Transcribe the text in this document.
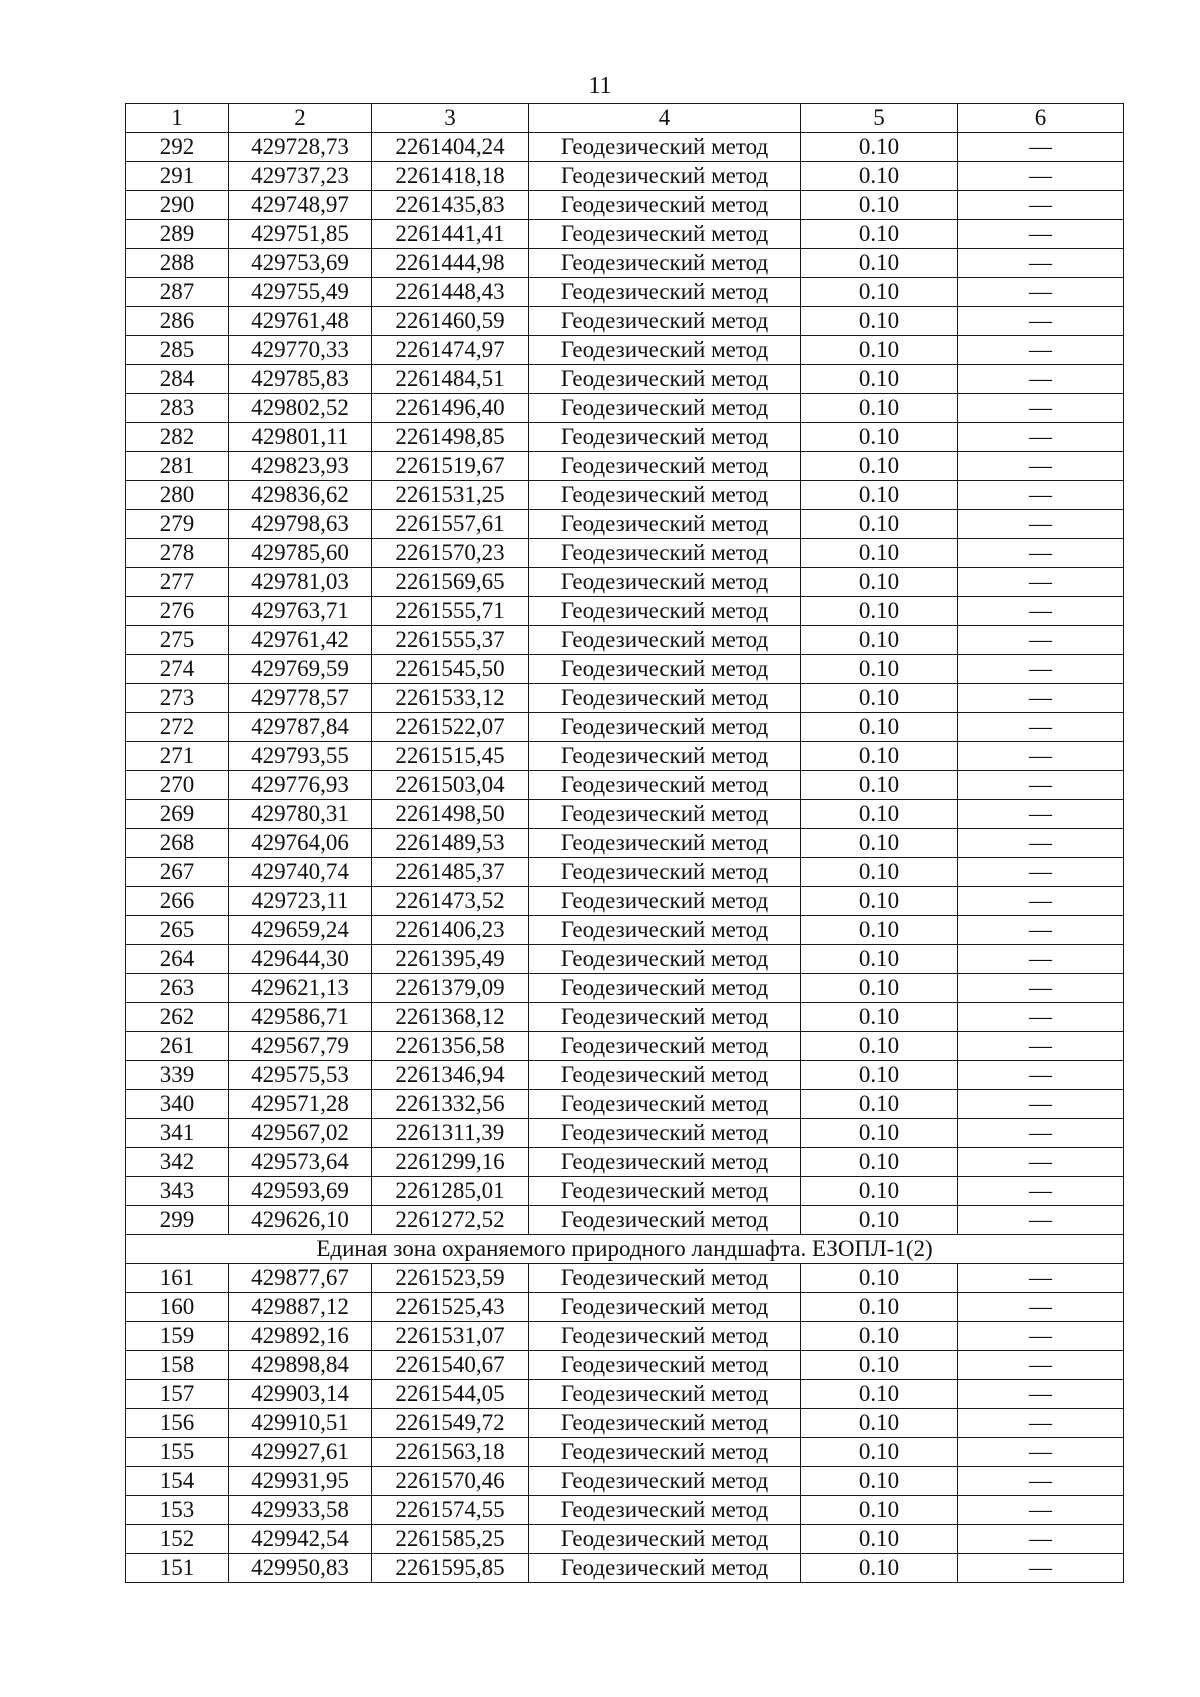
11
1	2	3	4	5	6
292	429728,73	2261404,24	Геодезический метод	0.10	—
291	429737,23	2261418,18	Геодезический метод	0.10	—
290	429748,97	2261435,83	Геодезический метод	0.10	—
289	429751,85	2261441,41	Геодезический метод	0.10	—
288	429753,69	2261444,98	Геодезический метод	0.10	—
287	429755,49	2261448,43	Геодезический метод	0.10	—
286	429761,48	2261460,59	Геодезический метод	0.10	—
285	429770,33	2261474,97	Геодезический метод	0.10	—
284	429785,83	2261484,51	Геодезический метод	0.10	—
283	429802,52	2261496,40	Геодезический метод	0.10	—
282	429801,11	2261498,85	Геодезический метод	0.10	—
281	429823,93	2261519,67	Геодезический метод	0.10	—
280	429836,62	2261531,25	Геодезический метод	0.10	—
279	429798,63	2261557,61	Геодезический метод	0.10	—
278	429785,60	2261570,23	Геодезический метод	0.10	—
277	429781,03	2261569,65	Геодезический метод	0.10	—
276	429763,71	2261555,71	Геодезический метод	0.10	—
275	429761,42	2261555,37	Геодезический метод	0.10	—
274	429769,59	2261545,50	Геодезический метод	0.10	—
273	429778,57	2261533,12	Геодезический метод	0.10	—
272	429787,84	2261522,07	Геодезический метод	0.10	—
271	429793,55	2261515,45	Геодезический метод	0.10	—
270	429776,93	2261503,04	Геодезический метод	0.10	—
269	429780,31	2261498,50	Геодезический метод	0.10	—
268	429764,06	2261489,53	Геодезический метод	0.10	—
267	429740,74	2261485,37	Геодезический метод	0.10	—
266	429723,11	2261473,52	Геодезический метод	0.10	—
265	429659,24	2261406,23	Геодезический метод	0.10	—
264	429644,30	2261395,49	Геодезический метод	0.10	—
263	429621,13	2261379,09	Геодезический метод	0.10	—
262	429586,71	2261368,12	Геодезический метод	0.10	—
261	429567,79	2261356,58	Геодезический метод	0.10	—
339	429575,53	2261346,94	Геодезический метод	0.10	—
340	429571,28	2261332,56	Геодезический метод	0.10	—
341	429567,02	2261311,39	Геодезический метод	0.10	—
342	429573,64	2261299,16	Геодезический метод	0.10	—
343	429593,69	2261285,01	Геодезический метод	0.10	—
299	429626,10	2261272,52	Геодезический метод	0.10	—
Единая зона охраняемого природного ландшафта. ЕЗОПЛ-1(2)					
161	429877,67	2261523,59	Геодезический метод	0.10	—
160	429887,12	2261525,43	Геодезический метод	0.10	—
159	429892,16	2261531,07	Геодезический метод	0.10	—
158	429898,84	2261540,67	Геодезический метод	0.10	—
157	429903,14	2261544,05	Геодезический метод	0.10	—
156	429910,51	2261549,72	Геодезический метод	0.10	—
155	429927,61	2261563,18	Геодезический метод	0.10	—
154	429931,95	2261570,46	Геодезический метод	0.10	—
153	429933,58	2261574,55	Геодезический метод	0.10	—
152	429942,54	2261585,25	Геодезический метод	0.10	—
151	429950,83	2261595,85	Геодезический метод	0.10	—
